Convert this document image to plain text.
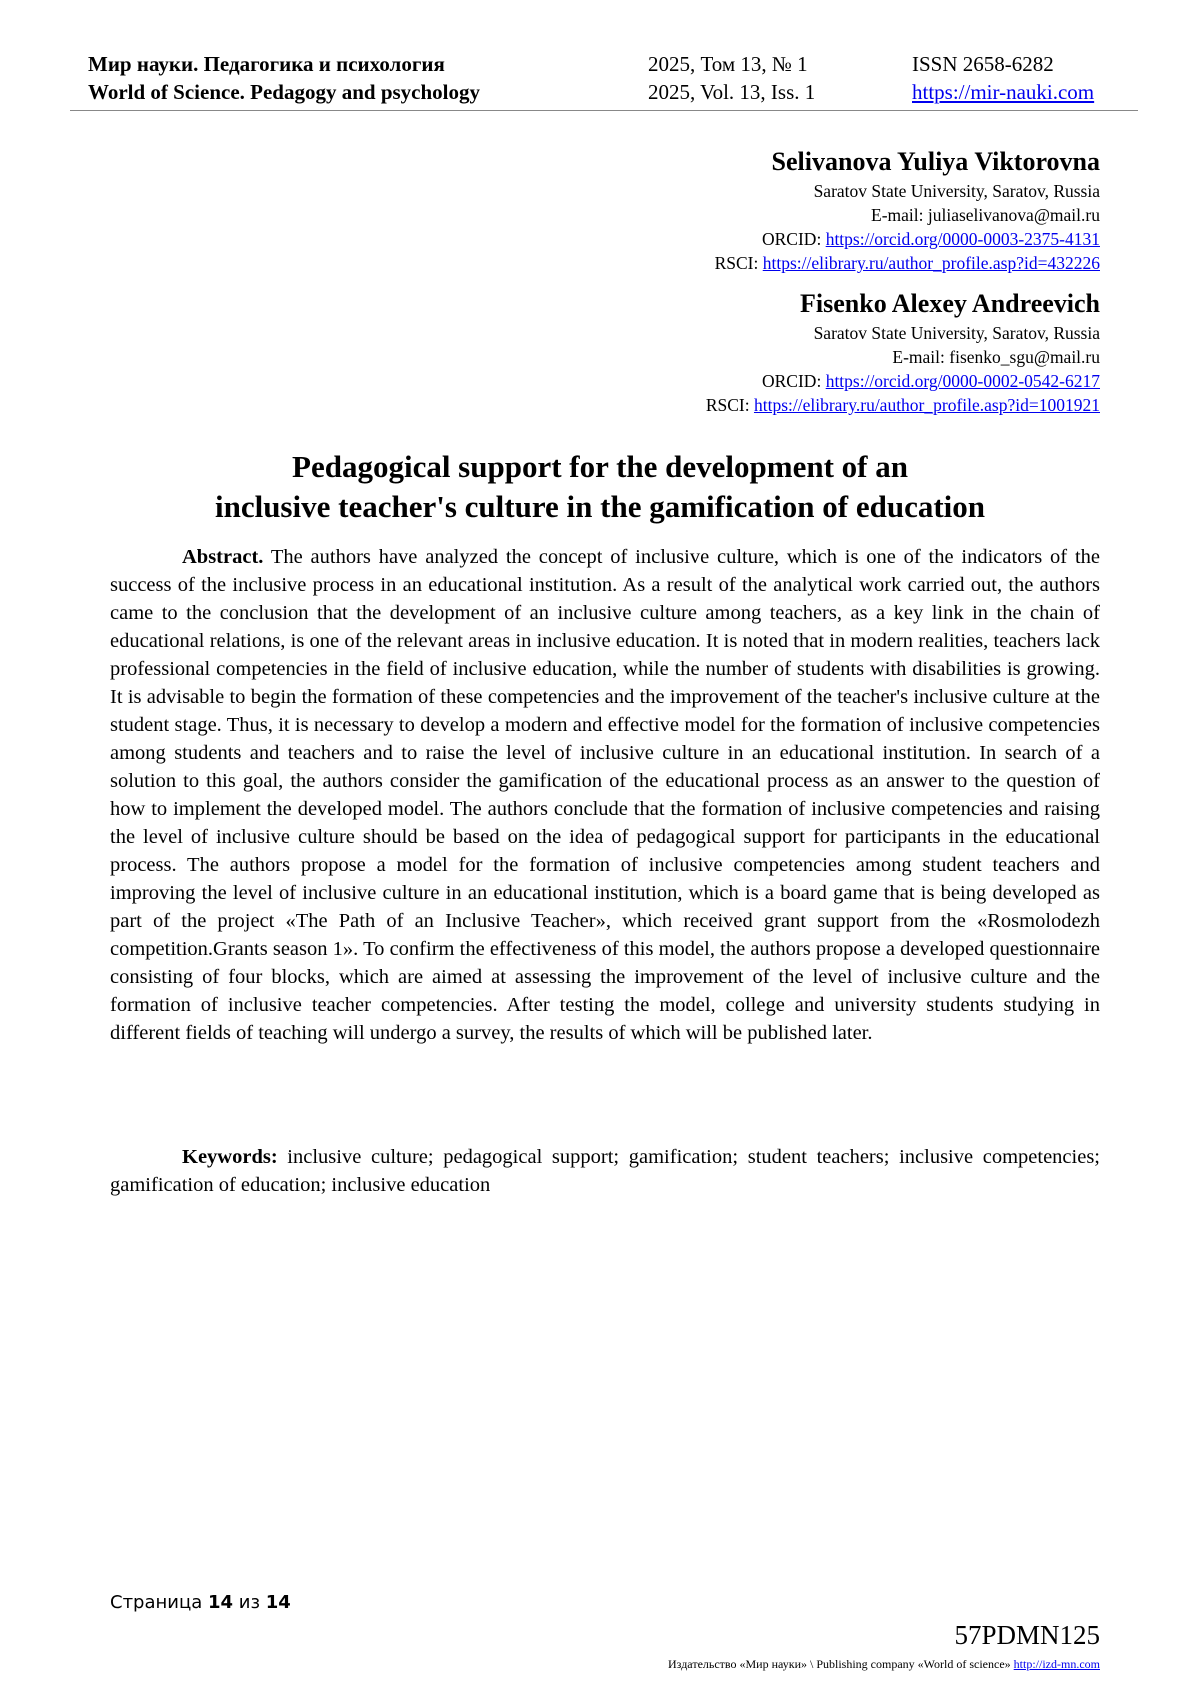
Мир науки. Педагогика и психология	2025, Том 13, № 1	ISSN 2658-6282
World of Science. Pedagogy and psychology	2025, Vol. 13, Iss. 1	https://mir-nauki.com
Selivanova Yuliya Viktorovna
Saratov State University, Saratov, Russia
E-mail: juliaselivanova@mail.ru
ORCID: https://orcid.org/0000-0003-2375-4131
RSCI: https://elibrary.ru/author_profile.asp?id=432226
Fisenko Alexey Andreevich
Saratov State University, Saratov, Russia
E-mail: fisenko_sgu@mail.ru
ORCID: https://orcid.org/0000-0002-0542-6217
RSCI: https://elibrary.ru/author_profile.asp?id=1001921
Pedagogical support for the development of an
inclusive teacher's culture in the gamification of education
Abstract. The authors have analyzed the concept of inclusive culture, which is one of the indicators of the success of the inclusive process in an educational institution. As a result of the analytical work carried out, the authors came to the conclusion that the development of an inclusive culture among teachers, as a key link in the chain of educational relations, is one of the relevant areas in inclusive education. It is noted that in modern realities, teachers lack professional competencies in the field of inclusive education, while the number of students with disabilities is growing. It is advisable to begin the formation of these competencies and the improvement of the teacher's inclusive culture at the student stage. Thus, it is necessary to develop a modern and effective model for the formation of inclusive competencies among students and teachers and to raise the level of inclusive culture in an educational institution. In search of a solution to this goal, the authors consider the gamification of the educational process as an answer to the question of how to implement the developed model. The authors conclude that the formation of inclusive competencies and raising the level of inclusive culture should be based on the idea of pedagogical support for participants in the educational process. The authors propose a model for the formation of inclusive competencies among student teachers and improving the level of inclusive culture in an educational institution, which is a board game that is being developed as part of the project «The Path of an Inclusive Teacher», which received grant support from the «Rosmolodezh competition.Grants season 1». To confirm the effectiveness of this model, the authors propose a developed questionnaire consisting of four blocks, which are aimed at assessing the improvement of the level of inclusive culture and the formation of inclusive teacher competencies. After testing the model, college and university students studying in different fields of teaching will undergo a survey, the results of which will be published later.
Keywords: inclusive culture; pedagogical support; gamification; student teachers; inclusive competencies; gamification of education; inclusive education
Страница 14 из 14
57PDMN125
Издательство «Мир науки» \ Publishing company «World of science» http://izd-mn.com
